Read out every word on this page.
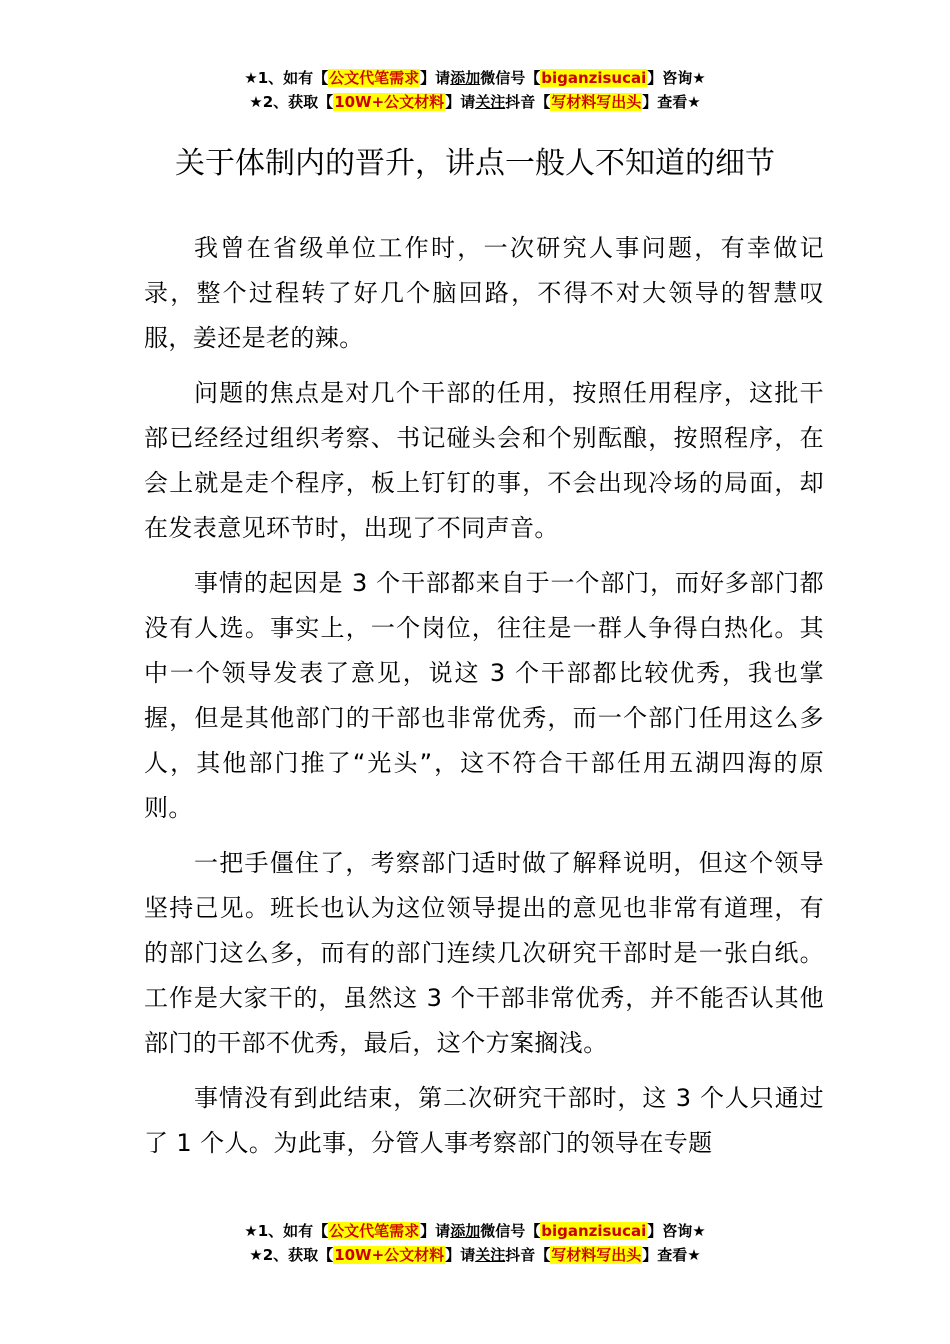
★1、如有【公文代笔需求】请添加微信号【biganzisucai】咨询★
★2、获取【10W+公文材料】请关注抖音【写材料写出头】查看★
关于体制内的晋升，讲点一般人不知道的细节

我曾在省级单位工作时，一次研究人事问题，有幸做记录，整个过程转了好几个脑回路，不得不对大领导的智慧叹服，姜还是老的辣。

问题的焦点是对几个干部的任用，按照任用程序，这批干部已经经过组织考察、书记碰头会和个别酝酿，按照程序，在会上就是走个程序，板上钉钉的事，不会出现冷场的局面，却在发表意见环节时，出现了不同声音。

事情的起因是 3 个干部都来自于一个部门，而好多部门都没有人选。事实上，一个岗位，往往是一群人争得白热化。其中一个领导发表了意见，说这 3 个干部都比较优秀，我也掌握，但是其他部门的干部也非常优秀，而一个部门任用这么多人，其他部门推了“光头”，这不符合干部任用五湖四海的原则。

一把手僵住了，考察部门适时做了解释说明，但这个领导坚持己见。班长也认为这位领导提出的意见也非常有道理，有的部门这么多，而有的部门连续几次研究干部时是一张白纸。工作是大家干的，虽然这 3 个干部非常优秀，并不能否认其他部门的干部不优秀，最后，这个方案搁浅。

事情没有到此结束，第二次研究干部时，这 3 个人只通过了 1 个人。为此事，分管人事考察部门的领导在专题

★1、如有【公文代笔需求】请添加微信号【biganzisucai】咨询★
★2、获取【10W+公文材料】请关注抖音【写材料写出头】查看★
